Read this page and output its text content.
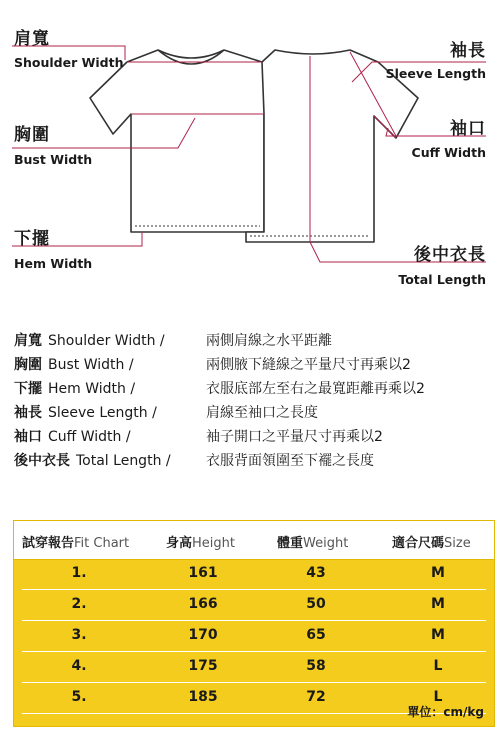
肩寬
Shoulder Width
胸圍
Bust Width
下擺
Hem Width
袖長
Sleeve Length
袖口
Cuff Width
後中衣長
Total Length
肩寬 Shoulder Width /	兩側肩線之水平距離
胸圍 Bust Width /	兩側腋下縫線之平量尺寸再乘以2
下擺 Hem Width /	衣服底部左至右之最寬距離再乘以2
袖長 Sleeve Length /	肩線至袖口之長度
袖口 Cuff Width /	袖子開口之平量尺寸再乘以2
後中衣長 Total Length /	衣服背面領圍至下襬之長度
試穿報告Fit Chart	身高Height	體重Weight	適合尺碼Size
1.	161	43	M
2.	166	50	M
3.	170	65	M
4.	175	58	L
5.	185	72	L
單位：cm/kg
